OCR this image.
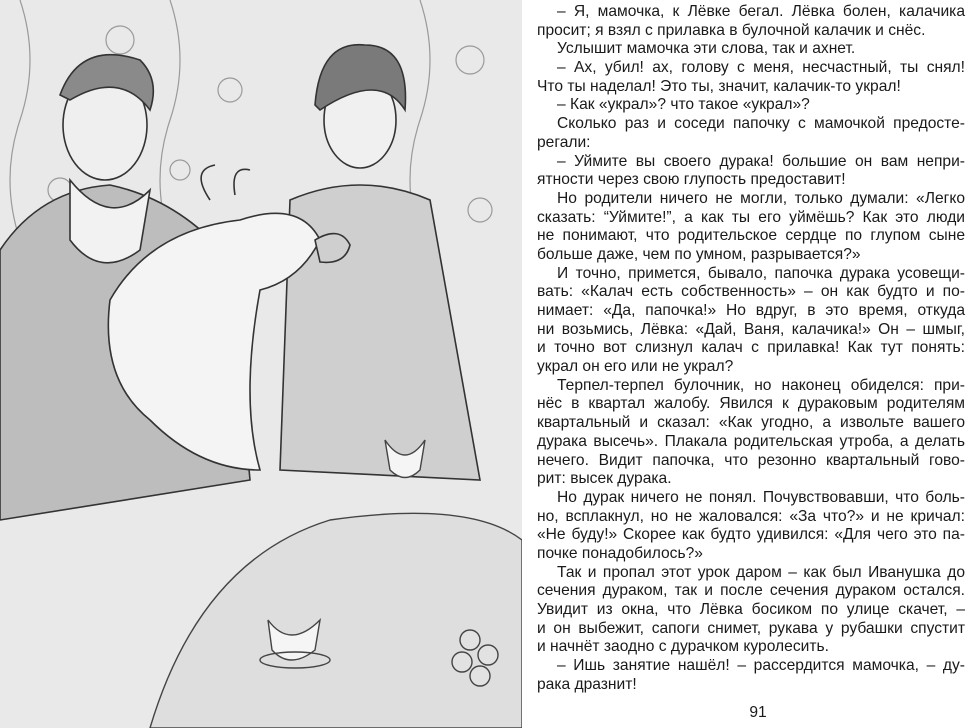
– Я, мамочка, к Лёвке бегал. Лёвка болен, калачика
просит; я взял с прилавка в булочной калачик и снёс.
Услышит мамочка эти слова, так и ахнет.
– Ах, убил! ах, голову с меня, несчастный, ты снял!
Что ты наделал! Это ты, значит, калачик-то украл!
– Как «украл»? что такое «украл»?
Сколько раз и соседи папочку с мамочкой предосте-
регали:
– Уймите вы своего дурака! большие он вам непри-
ятности через свою глупость предоставит!
Но родители ничего не могли, только думали: «Легко
сказать: “Уймите!”, а как ты его уймёшь? Как это люди
не понимают, что родительское сердце по глупом сыне
больше даже, чем по умном, разрывается?»
И точно, примется, бывало, папочка дурака усовещи-
вать: «Калач есть собственность» – он как будто и по-
нимает: «Да, папочка!» Но вдруг, в это время, откуда
ни возьмись, Лёвка: «Дай, Ваня, калачика!» Он – шмыг,
и точно вот слизнул калач с прилавка! Как тут понять:
украл он его или не украл?
Терпел-терпел булочник, но наконец обиделся: при-
нёс в квартал жалобу. Явился к дураковым родителям
квартальный и сказал: «Как угодно, а извольте вашего
дурака высечь». Плакала родительская утроба, а делать
нечего. Видит папочка, что резонно квартальный гово-
рит: высек дурака.
Но дурак ничего не понял. Почувствовавши, что боль-
но, всплакнул, но не жаловался: «За что?» и не кричал:
«Не буду!» Скорее как будто удивился: «Для чего это па-
почке понадобилось?»
Так и пропал этот урок даром – как был Иванушка до
сечения дураком, так и после сечения дураком остался.
Увидит из окна, что Лёвка босиком по улице скачет, –
и он выбежит, сапоги снимет, рукава у рубашки спустит
и начнёт заодно с дурачком куролесить.
– Ишь занятие нашёл! – рассердится мамочка, – ду-
рака дразнит!
91
